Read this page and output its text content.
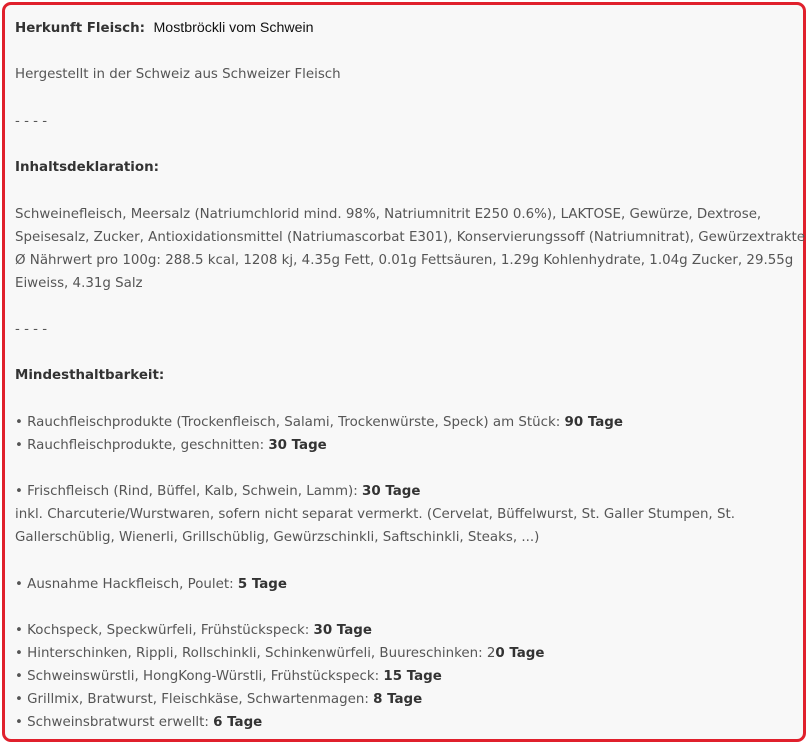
Herkunft Fleisch: Mostbröckli vom Schwein
Hergestellt in der Schweiz aus Schweizer Fleisch
- - - -
Inhaltsdeklaration:
Schweinefleisch, Meersalz (Natriumchlorid mind. 98%, Natriumnitrit E250 0.6%), LAKTOSE, Gewürze, Dextrose,
Speisesalz, Zucker, Antioxidationsmittel (Natriumascorbat E301), Konservierungssoff (Natriumnitrat), Gewürzextrakte
Ø Nährwert pro 100g: 288.5 kcal, 1208 kj, 4.35g Fett, 0.01g Fettsäuren, 1.29g Kohlenhydrate, 1.04g Zucker, 29.55g
Eiweiss, 4.31g Salz
- - - -
Mindesthaltbarkeit:
• Rauchfleischprodukte (Trockenfleisch, Salami, Trockenwürste, Speck) am Stück: 90 Tage
• Rauchfleischprodukte, geschnitten: 30 Tage
• Frischfleisch (Rind, Büffel, Kalb, Schwein, Lamm): 30 Tage
inkl. Charcuterie/Wurstwaren, sofern nicht separat vermerkt. (Cervelat, Büffelwurst, St. Galler Stumpen, St.
Gallerschüblig, Wienerli, Grillschüblig, Gewürzschinkli, Saftschinkli, Steaks, ...)
• Ausnahme Hackfleisch, Poulet: 5 Tage
• Kochspeck, Speckwürfeli, Frühstückspeck: 30 Tage
• Hinterschinken, Rippli, Rollschinkli, Schinkenwürfeli, Buureschinken: 20 Tage
• Schweinswürstli, HongKong-Würstli, Frühstückspeck: 15 Tage
• Grillmix, Bratwurst, Fleischkäse, Schwartenmagen: 8 Tage
• Schweinsbratwurst erwellt: 6 Tage
